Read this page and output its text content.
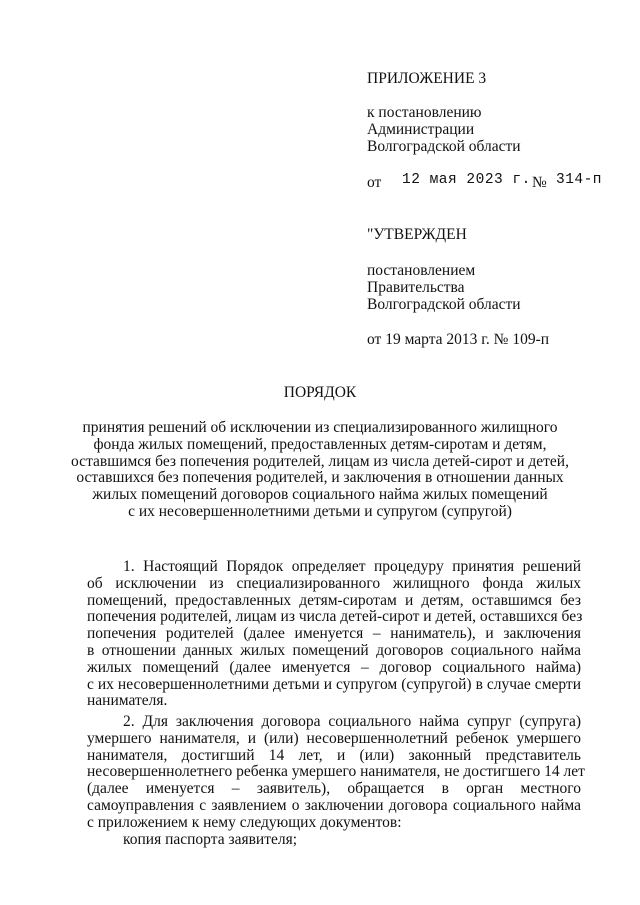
ПРИЛОЖЕНИЕ 3
к постановлению
Администрации
Волгоградской области
от 12 мая 2023 г. № 314-п
"УТВЕРЖДЕН
постановлением
Правительства
Волгоградской области
от 19 марта 2013 г. № 109-п
ПОРЯДОК
принятия решений об исключении из специализированного жилищного
фонда жилых помещений, предоставленных детям-сиротам и детям,
оставшимся без попечения родителей, лицам из числа детей-сирот и детей,
оставшихся без попечения родителей, и заключения в отношении данных
жилых помещений договоров социального найма жилых помещений
с их несовершеннолетними детьми и супругом (супругой)
1. Настоящий Порядок определяет процедуру принятия решений
об исключении из специализированного жилищного фонда жилых
помещений, предоставленных детям-сиротам и детям, оставшимся без
попечения родителей, лицам из числа детей-сирот и детей, оставшихся без
попечения родителей (далее именуется – наниматель), и заключения
в отношении данных жилых помещений договоров социального найма
жилых помещений (далее именуется – договор социального найма)
с их несовершеннолетними детьми и супругом (супругой) в случае смерти
нанимателя.
2. Для заключения договора социального найма супруг (супруга)
умершего нанимателя, и (или) несовершеннолетний ребенок умершего
нанимателя, достигший 14 лет, и (или) законный представитель
несовершеннолетнего ребенка умершего нанимателя, не достигшего 14 лет
(далее именуется – заявитель), обращается в орган местного
самоуправления с заявлением о заключении договора социального найма
с приложением к нему следующих документов:
копия паспорта заявителя;
